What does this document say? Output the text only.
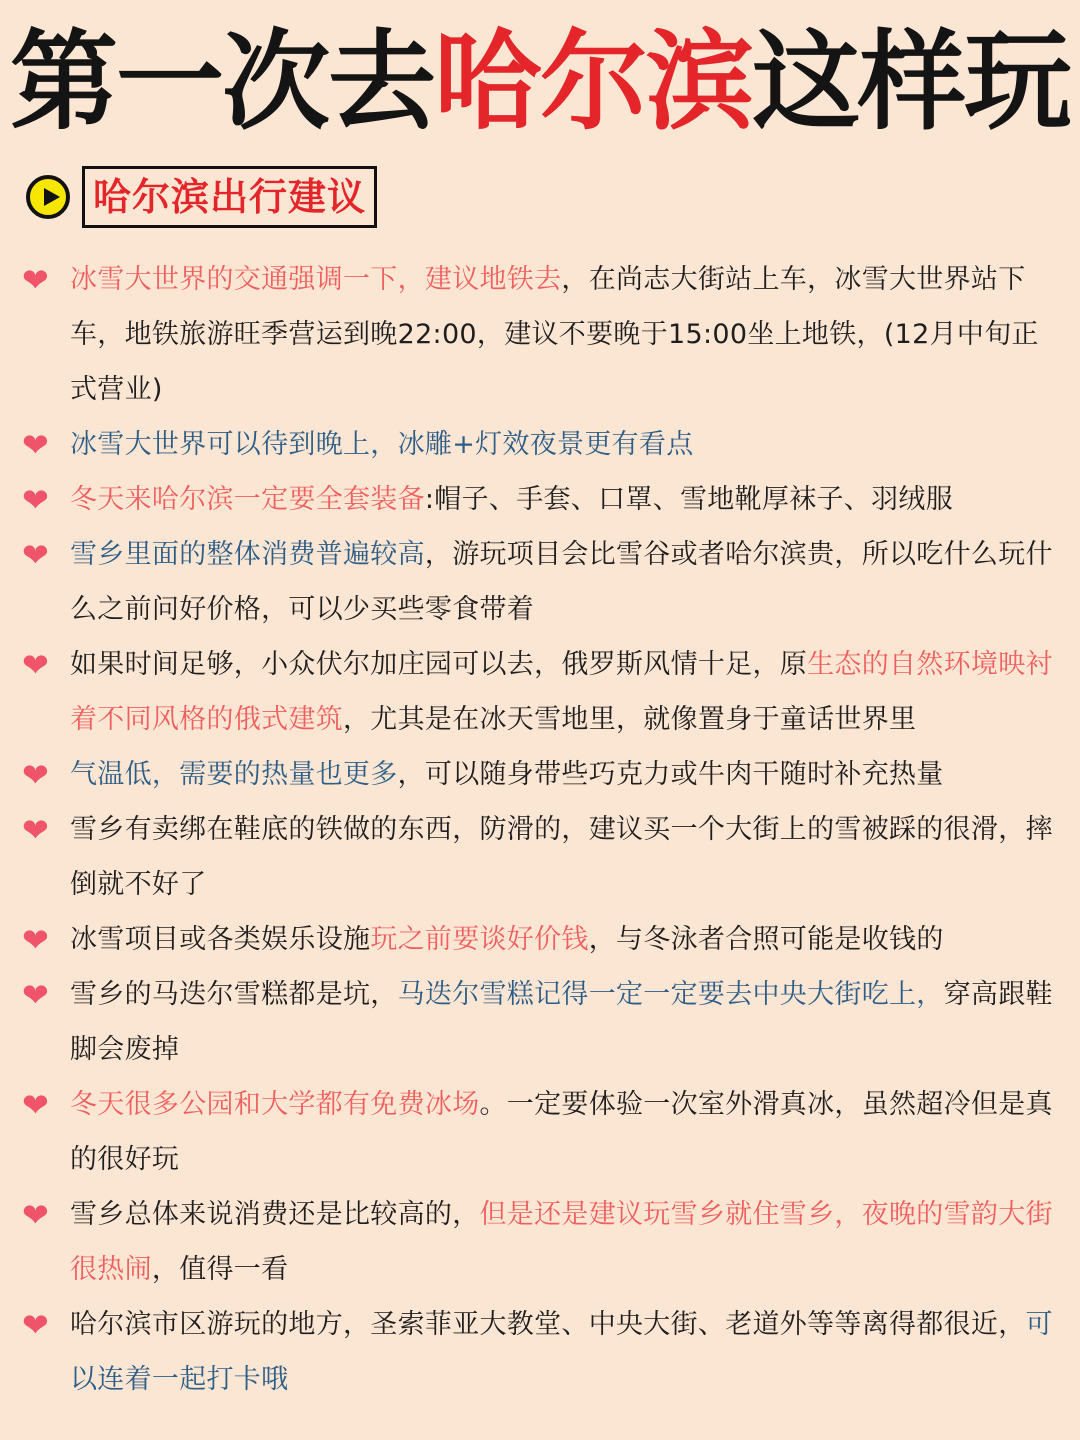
第一次去哈尔滨这样玩
哈尔滨出行建议
❤ 冰雪大世界的交通强调一下，建议地铁去，在尚志大街站上车，冰雪大世界站下车，地铁旅游旺季营运到晚22:00，建议不要晚于15:00坐上地铁，(12月中旬正式营业)
❤ 冰雪大世界可以待到晚上，冰雕+灯效夜景更有看点
❤ 冬天来哈尔滨一定要全套装备:帽子、手套、口罩、雪地靴厚袜子、羽绒服
❤ 雪乡里面的整体消费普遍较高，游玩项目会比雪谷或者哈尔滨贵，所以吃什么玩什么之前问好价格，可以少买些零食带着
❤ 如果时间足够，小众伏尔加庄园可以去，俄罗斯风情十足，原生态的自然环境映衬着不同风格的俄式建筑，尤其是在冰天雪地里，就像置身于童话世界里
❤ 气温低，需要的热量也更多，可以随身带些巧克力或牛肉干随时补充热量
❤ 雪乡有卖绑在鞋底的铁做的东西，防滑的，建议买一个大街上的雪被踩的很滑，摔倒就不好了
❤ 冰雪项目或各类娱乐设施玩之前要谈好价钱，与冬泳者合照可能是收钱的
❤ 雪乡的马迭尔雪糕都是坑，马迭尔雪糕记得一定一定要去中央大街吃上，穿高跟鞋脚会废掉
❤ 冬天很多公园和大学都有免费冰场。一定要体验一次室外滑真冰，虽然超冷但是真的很好玩
❤ 雪乡总体来说消费还是比较高的，但是还是建议玩雪乡就住雪乡，夜晚的雪韵大街很热闹，值得一看
❤ 哈尔滨市区游玩的地方，圣索菲亚大教堂、中央大街、老道外等等离得都很近，可以连着一起打卡哦
